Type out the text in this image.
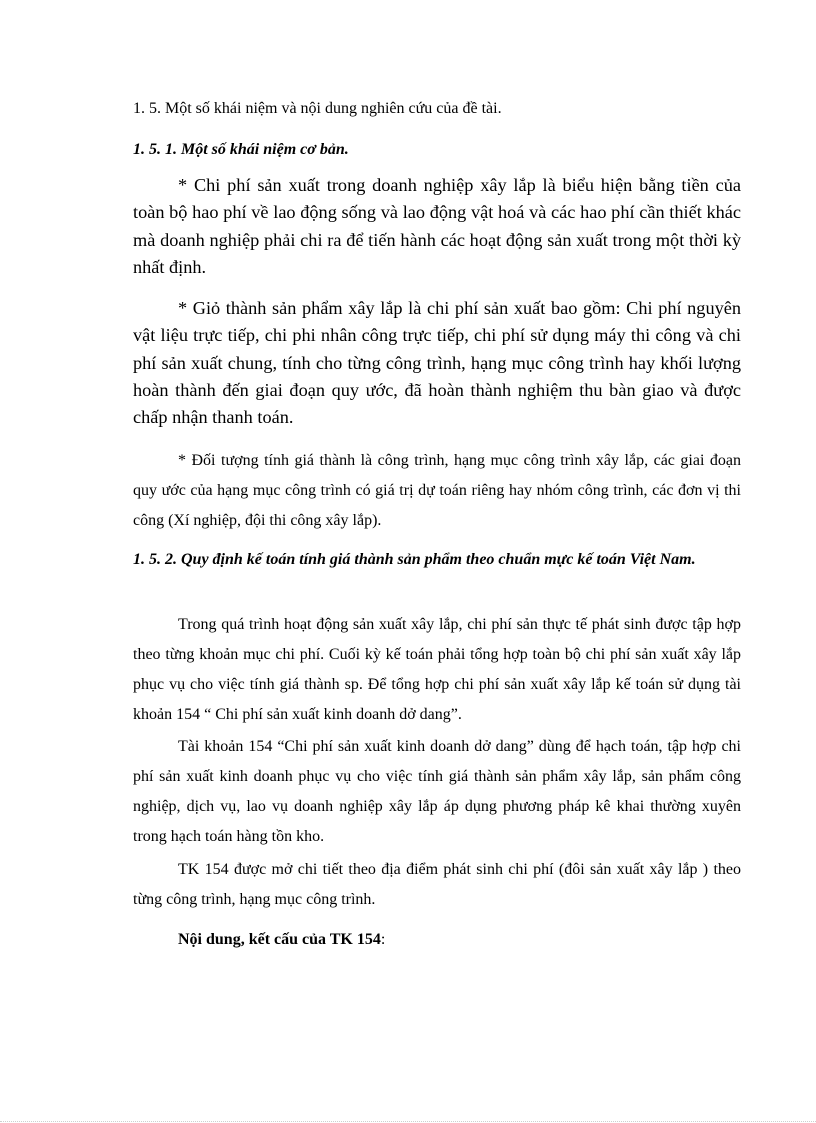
1. 5. Một số khái niệm và nội dung nghiên cứu của đề tài.

1. 5. 1. Một số khái niệm cơ bản.

* Chi phí sản xuất trong doanh nghiệp xây lắp là biểu hiện bằng tiền của toàn bộ hao phí về lao động sống và lao động vật hoá và các hao phí cần thiết khác mà doanh nghiệp phải chi ra để tiến hành các hoạt động sản xuất trong một thời kỳ nhất định.

* Giỏ thành sản phẩm xây lắp là chi phí sản xuất bao gồm: Chi phí nguyên vật liệu trực tiếp, chi phi nhân công trực tiếp, chi phí sử dụng máy thi công và chi phí sản xuất chung, tính cho từng công trình, hạng mục công trình hay khối lượng hoàn thành đến giai đoạn quy ước, đã hoàn thành nghiệm thu bàn giao và được chấp nhận thanh toán.

* Đối tượng tính giá thành là công trình, hạng mục công trình xây lắp, các giai đoạn quy ước của hạng mục công trình có giá trị dự toán riêng hay nhóm công trình, các đơn vị thi công (Xí nghiệp, đội thi công xây lắp).

1. 5. 2. Quy định kế toán tính giá thành sản phẩm theo chuẩn mực kế toán Việt Nam.

Trong quá trình hoạt động sản xuất xây lắp, chi phí sản thực tế phát sinh được tập hợp theo từng khoản mục chi phí. Cuối kỳ kế toán phải tổng hợp toàn bộ chi phí sản xuất xây lắp phục vụ cho việc tính giá thành sp. Để tổng hợp chi phí sản xuất xây lắp kế toán sử dụng tài khoản 154 “ Chi phí sản xuất kinh doanh dở dang”.

Tài khoản 154 “Chi phí sản xuất kinh doanh dở dang” dùng để hạch toán, tập hợp chi phí sản xuất kinh doanh phục vụ cho việc tính giá thành sản phẩm xây lắp, sản phẩm công nghiệp, dịch vụ, lao vụ doanh nghiệp xây lắp áp dụng phương pháp kê khai thường xuyên trong hạch toán hàng tồn kho.

TK 154 được mở chi tiết theo địa điểm phát sinh chi phí (đôi sản xuất xây lắp ) theo từng công trình, hạng mục công trình.

Nội dung, kết cấu của TK 154:
